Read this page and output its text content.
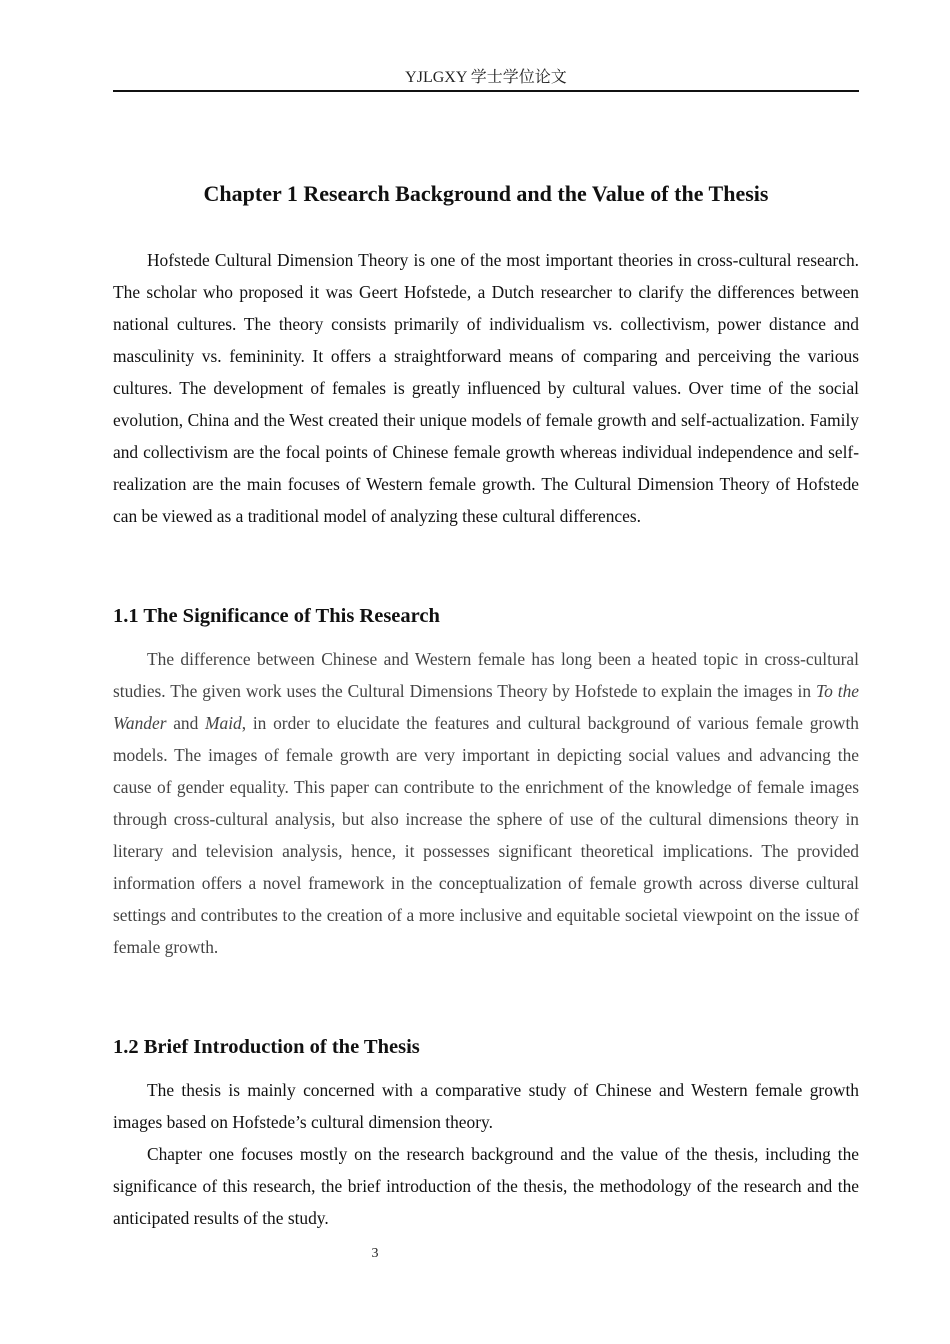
YJLGXY 学士学位论文
Chapter 1 Research Background and the Value of the Thesis

Hofstede Cultural Dimension Theory is one of the most important theories in cross-cultural research. The scholar who proposed it was Geert Hofstede, a Dutch researcher to clarify the differences between national cultures. The theory consists primarily of individualism vs. collectivism, power distance and masculinity vs. femininity. It offers a straightforward means of comparing and perceiving the various cultures. The development of females is greatly influenced by cultural values. Over time of the social evolution, China and the West created their unique models of female growth and self-actualization. Family and collectivism are the focal points of Chinese female growth whereas individual independence and self-realization are the main focuses of Western female growth. The Cultural Dimension Theory of Hofstede can be viewed as a traditional model of analyzing these cultural differences.

1.1 The Significance of This Research

The difference between Chinese and Western female has long been a heated topic in cross-cultural studies. The given work uses the Cultural Dimensions Theory by Hofstede to explain the images in To the Wander and Maid, in order to elucidate the features and cultural background of various female growth models. The images of female growth are very important in depicting social values and advancing the cause of gender equality. This paper can contribute to the enrichment of the knowledge of female images through cross-cultural analysis, but also increase the sphere of use of the cultural dimensions theory in literary and television analysis, hence, it possesses significant theoretical implications. The provided information offers a novel framework in the conceptualization of female growth across diverse cultural settings and contributes to the creation of a more inclusive and equitable societal viewpoint on the issue of female growth.

1.2 Brief Introduction of the Thesis

The thesis is mainly concerned with a comparative study of Chinese and Western female growth images based on Hofstede’s cultural dimension theory.

Chapter one focuses mostly on the research background and the value of the thesis, including the significance of this research, the brief introduction of the thesis, the methodology of the research and the anticipated results of the study.

3
